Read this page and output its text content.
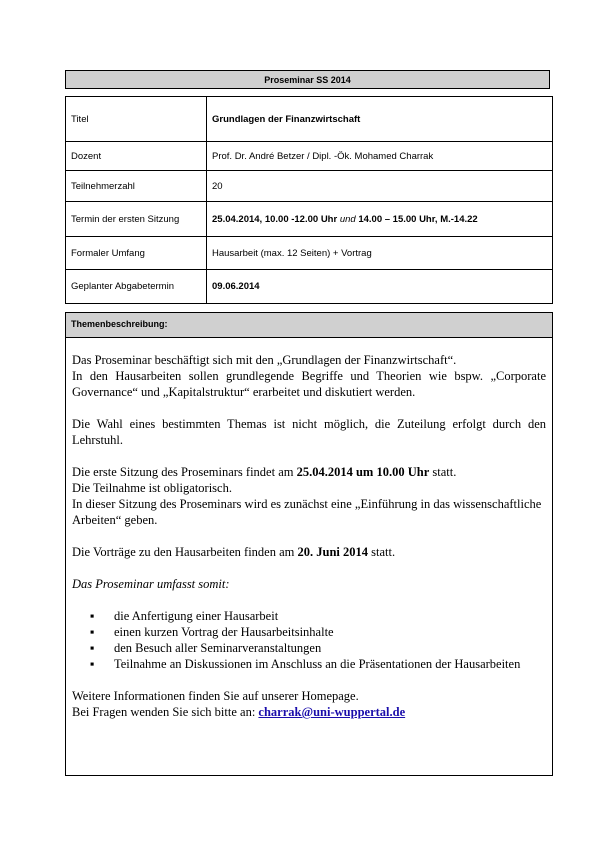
Proseminar SS 2014
Titel	Grundlagen der Finanzwirtschaft
Dozent	Prof. Dr. André Betzer / Dipl. -Ök. Mohamed Charrak
Teilnehmerzahl	20
Termin der ersten Sitzung	25.04.2014, 10.00 -12.00 Uhr und 14.00 – 15.00 Uhr, M.-14.22
Formaler Umfang	Hausarbeit (max. 12 Seiten) + Vortrag
Geplanter Abgabetermin	09.06.2014
Themenbeschreibung:

Das Proseminar beschäftigt sich mit den „Grundlagen der Finanzwirtschaft“.
In den Hausarbeiten sollen grundlegende Begriffe und Theorien wie bspw. „Corporate Governance“ und „Kapitalstruktur“ erarbeitet und diskutiert werden.

Die Wahl eines bestimmten Themas ist nicht möglich, die Zuteilung erfolgt durch den Lehrstuhl.

Die erste Sitzung des Proseminars findet am 25.04.2014 um 10.00 Uhr statt.
Die Teilnahme ist obligatorisch.
In dieser Sitzung des Proseminars wird es zunächst eine „Einführung in das wissenschaftliche Arbeiten“ geben.

Die Vorträge zu den Hausarbeiten finden am 20. Juni 2014 statt.

Das Proseminar umfasst somit:

▪ die Anfertigung einer Hausarbeit
▪ einen kurzen Vortrag der Hausarbeitsinhalte
▪ den Besuch aller Seminarveranstaltungen
▪ Teilnahme an Diskussionen im Anschluss an die Präsentationen der Hausarbeiten

Weitere Informationen finden Sie auf unserer Homepage.
Bei Fragen wenden Sie sich bitte an: charrak@uni-wuppertal.de
